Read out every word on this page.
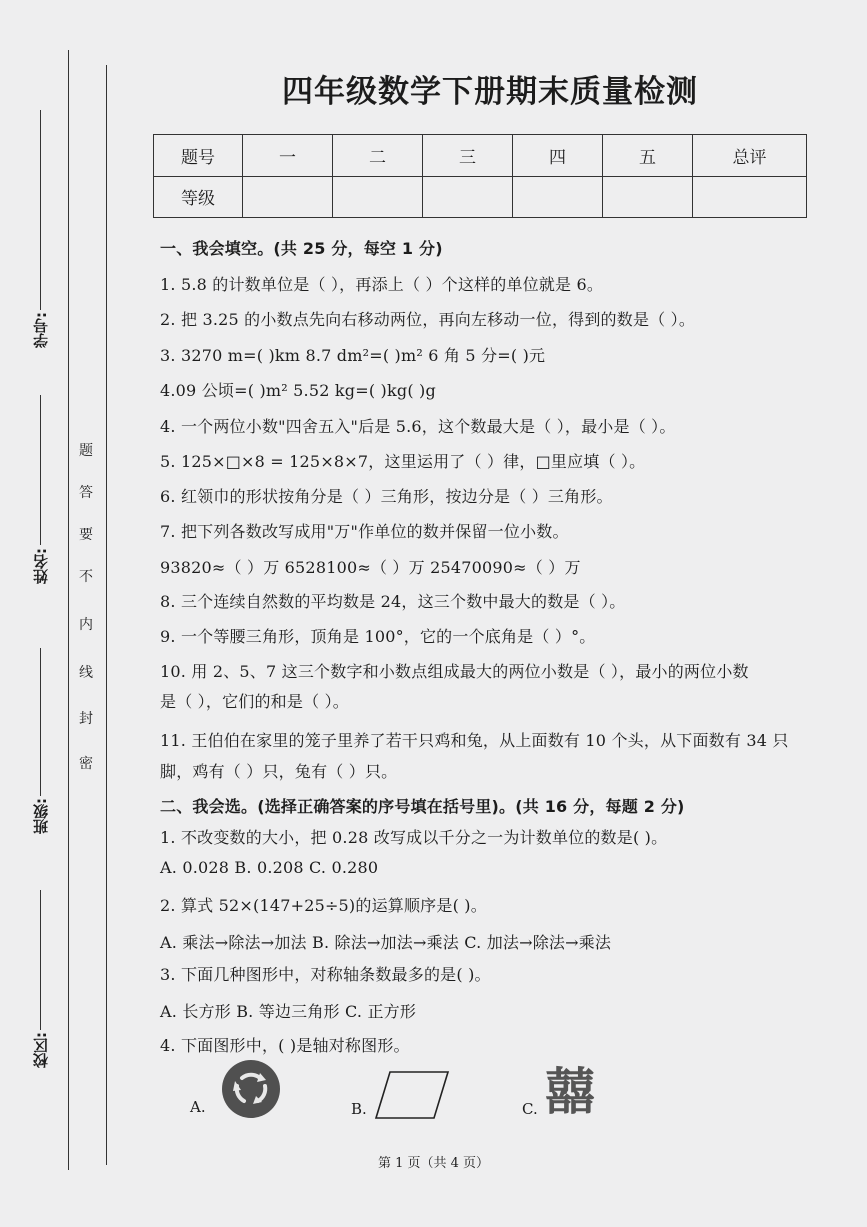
学号:
姓名:
班级:
校区:
题
答
要
不
内
线
封
密
四年级数学下册期末质量检测
题号	一	二	三	四	五	总评
等级						
一、我会填空。(共 25 分，每空 1 分)
1. 5.8 的计数单位是（ ），再添上（ ）个这样的单位就是 6。
2. 把 3.25 的小数点先向右移动两位，再向左移动一位，得到的数是（ ）。
3. 3270 m=( )km 8.7 dm²=( )m² 6 角 5 分=( )元
4.09 公顷=( )m² 5.52 kg=( )kg( )g
4. 一个两位小数"四舍五入"后是 5.6，这个数最大是（ ），最小是（ ）。
5. 125×□×8 = 125×8×7，这里运用了（ ）律，□里应填（ ）。
6. 红领巾的形状按角分是（ ）三角形，按边分是（ ）三角形。
7. 把下列各数改写成用"万"作单位的数并保留一位小数。
93820≈（ ）万 6528100≈（ ）万 25470090≈（ ）万
8. 三个连续自然数的平均数是 24，这三个数中最大的数是（ ）。
9. 一个等腰三角形，顶角是 100°，它的一个底角是（ ）°。
10. 用 2、5、7 这三个数字和小数点组成最大的两位小数是（ ），最小的两位小数
是（ ），它们的和是（ ）。
11. 王伯伯在家里的笼子里养了若干只鸡和兔，从上面数有 10 个头，从下面数有 34 只
脚，鸡有（ ）只，兔有（ ）只。
二、我会选。(选择正确答案的序号填在括号里)。(共 16 分，每题 2 分)
1. 不改变数的大小，把 0.28 改写成以千分之一为计数单位的数是( )。
A. 0.028 B. 0.208 C. 0.280
2. 算式 52×(147+25÷5)的运算顺序是( )。
A. 乘法→除法→加法 B. 除法→加法→乘法 C. 加法→除法→乘法
3. 下面几种图形中，对称轴条数最多的是( )。
A. 长方形 B. 等边三角形 C. 正方形
4. 下面图形中，( )是轴对称图形。
A.	B.	C. 囍
第 1 页（共 4 页）
